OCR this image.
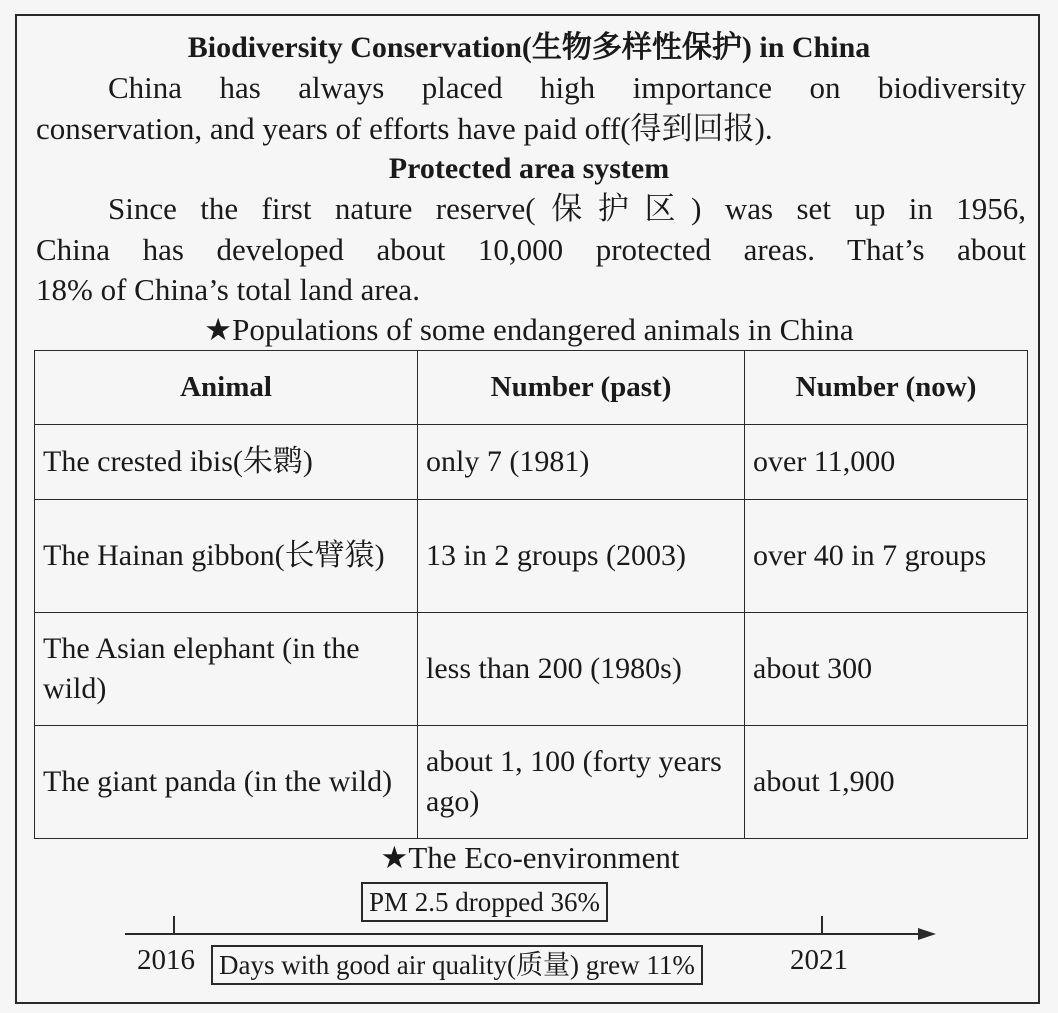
Biodiversity Conservation(生物多样性保护) in China
China has always placed high importance on biodiversity
conservation, and years of efforts have paid off(得到回报).
Protected area system
Since the first nature reserve(保护区) was set up in 1956,
China has developed about 10,000 protected areas. That’s about
18% of China’s total land area.
★Populations of some endangered animals in China
Animal	Number (past)	Number (now)
The crested ibis(朱鹮)	only 7 (1981)	over 11,000
The Hainan gibbon(长臂猿)	13 in 2 groups (2003)	over 40 in 7 groups
The Asian elephant (in the wild)	less than 200 (1980s)	about 300
The giant panda (in the wild)	about 1, 100 (forty years ago)	about 1,900
★The Eco-environment
PM 2.5 dropped 36%
Days with good air quality(质量) grew 11%
2016	2021
